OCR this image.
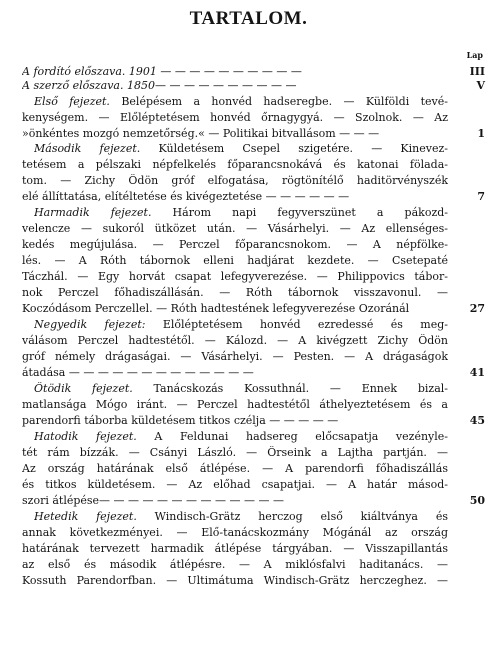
TARTALOM.
Lap
A fordító előszava. 1901 — — — — — — — — — —	III
A szerző előszava. 1850— — — — — — — — — —	V
Első fejezet. Belépésem a honvéd hadseregbe. — Külföldi tevé-
kenységem. — Előléptetésem honvéd őrnagygyá. — Szolnok. — Az
»önkéntes mozgó nemzetőrség.« — Politikai bitvallásom — — —	1
Második fejezet. Küldetésem Csepel szigetére. — Kinevez-
tetésem a pélszaki népfelkelés főparancsnokává és katonai fölada-
tom. — Zichy Ödön gróf elfogatása, rögtönítélő haditörvényszék
elé állíttatása, elítéltetése és kivégeztetése — — — — — —	7
Harmadik fejezet. Három napi fegyverszünet a pákozd-
velencze — sukoról ütközet után. — Vásárhelyi. — Az ellenséges-
kedés megújulása. — Perczel főparancsnokom. — A népfölke-
lés. — A Róth tábornok elleni hadjárat kezdete. — Csetepaté
Táczhál. — Egy horvát csapat lefegyverezése. — Philippovics tábor-
nok Perczel főhadiszállásán. — Róth tábornok visszavonul. —
Koczódásom Perczellel. — Róth hadtestének lefegyverezése Ozoránál	27
Negyedik fejezet: Előléptetésem honvéd ezredessé és meg-
válásom Perczel hadtestétől. — Kálozd. — A kivégzett Zichy Ödön
gróf némely drágaságai. — Vásárhelyi. — Pesten. — A drágaságok
átadása — — — — — — — — — — — — —	41
Ötödik fejezet. Tanácskozás Kossuthnál. — Ennek bizal-
matlansága Mógo iránt. — Perczel hadtestétől áthelyeztetésem és a
parendorfi táborba küldetésem titkos czélja — — — — —	45
Hatodik fejezet. A Feldunai hadsereg előcsapatja vezényle-
tét rám bízzák. — Csányi László. — Örseink a Lajtha partján. —
Az ország határának első átlépése. — A parendorfi főhadiszállás
és titkos küldetésem. — Az előhad csapatjai. — A határ másod-
szori átlépése— — — — — — — — — — — — —	50
Hetedik fejezet. Windisch-Grätz herczog első kiáltványa és
annak következményei. — Elő-tanácskozmány Mógánál az ország
határának tervezett harmadik átlépése tárgyában. — Visszapillantás
az első és második átlépésre. — A miklósfalvi haditanács. —
Kossuth Parendorfban. — Ultimátuma Windisch-Grätz herczeghez. —
